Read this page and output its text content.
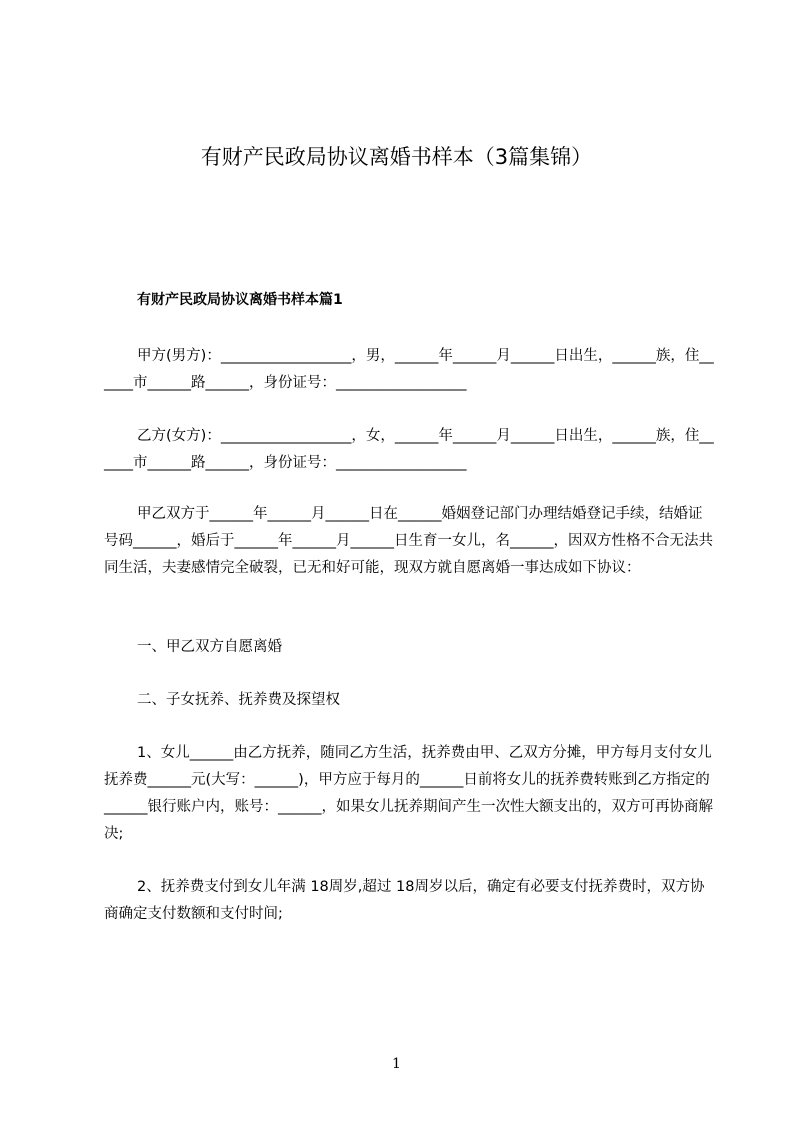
有财产民政局协议离婚书样本（3篇集锦）
有财产民政局协议离婚书样本篇1

甲方(男方)：__________________，男，______年______月______日出生，______族，住______市______路______，身份证号：__________________

乙方(女方)：__________________，女，______年______月______日出生，______族，住______市______路______，身份证号：__________________

甲乙双方于______年______月______日在______婚姻登记部门办理结婚登记手续，结婚证号码______，婚后于______年______月______日生育一女儿，名______，因双方性格不合无法共同生活，夫妻感情完全破裂，已无和好可能，现双方就自愿离婚一事达成如下协议：

一、甲乙双方自愿离婚

二、子女抚养、抚养费及探望权

1、女儿______由乙方抚养，随同乙方生活，抚养费由甲、乙双方分摊，甲方每月支付女儿抚养费______元(大写：______)，甲方应于每月的______日前将女儿的抚养费转账到乙方指定的______银行账户内，账号：______，如果女儿抚养期间产生一次性大额支出的，双方可再协商解决;

2、抚养费支付到女儿年满 18周岁,超过 18周岁以后，确定有必要支付抚养费时，双方协商确定支付数额和支付时间;

1
